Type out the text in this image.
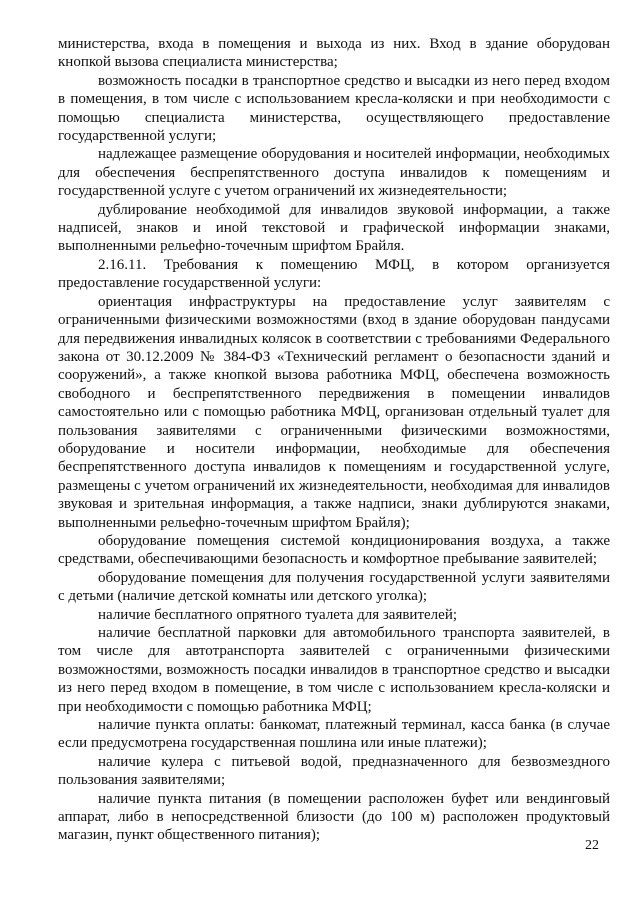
министерства, входа в помещения и выхода из них. Вход в здание оборудован кнопкой вызова специалиста министерства;

возможность посадки в транспортное средство и высадки из него перед входом в помещения, в том числе с использованием кресла-коляски и при необходимости с помощью специалиста министерства, осуществляющего предоставление государственной услуги;

надлежащее размещение оборудования и носителей информации, необходимых для обеспечения беспрепятственного доступа инвалидов к помещениям и государственной услуге с учетом ограничений их жизнедеятельности;

дублирование необходимой для инвалидов звуковой информации, а также надписей, знаков и иной текстовой и графической информации знаками, выполненными рельефно-точечным шрифтом Брайля.

2.16.11. Требования к помещению МФЦ, в котором организуется предоставление государственной услуги:

ориентация инфраструктуры на предоставление услуг заявителям с ограниченными физическими возможностями (вход в здание оборудован пандусами для передвижения инвалидных колясок в соответствии с требованиями Федерального закона от 30.12.2009 № 384-ФЗ «Технический регламент о безопасности зданий и сооружений», а также кнопкой вызова работника МФЦ, обеспечена возможность свободного и беспрепятственного передвижения в помещении инвалидов самостоятельно или с помощью работника МФЦ, организован отдельный туалет для пользования заявителями с ограниченными физическими возможностями, оборудование и носители информации, необходимые для обеспечения беспрепятственного доступа инвалидов к помещениям и государственной услуге, размещены с учетом ограничений их жизнедеятельности, необходимая для инвалидов звуковая и зрительная информация, а также надписи, знаки дублируются знаками, выполненными рельефно-точечным шрифтом Брайля);

оборудование помещения системой кондиционирования воздуха, а также средствами, обеспечивающими безопасность и комфортное пребывание заявителей;

оборудование помещения для получения государственной услуги заявителями с детьми (наличие детской комнаты или детского уголка);

наличие бесплатного опрятного туалета для заявителей;

наличие бесплатной парковки для автомобильного транспорта заявителей, в том числе для автотранспорта заявителей с ограниченными физическими возможностями, возможность посадки инвалидов в транспортное средство и высадки из него перед входом в помещение, в том числе с использованием кресла-коляски и при необходимости с помощью работника МФЦ;

наличие пункта оплаты: банкомат, платежный терминал, касса банка (в случае если предусмотрена государственная пошлина или иные платежи);

наличие кулера с питьевой водой, предназначенного для безвозмездного пользования заявителями;

наличие пункта питания (в помещении расположен буфет или вендинговый аппарат, либо в непосредственной близости (до 100 м) расположен продуктовый магазин, пункт общественного питания);

22
